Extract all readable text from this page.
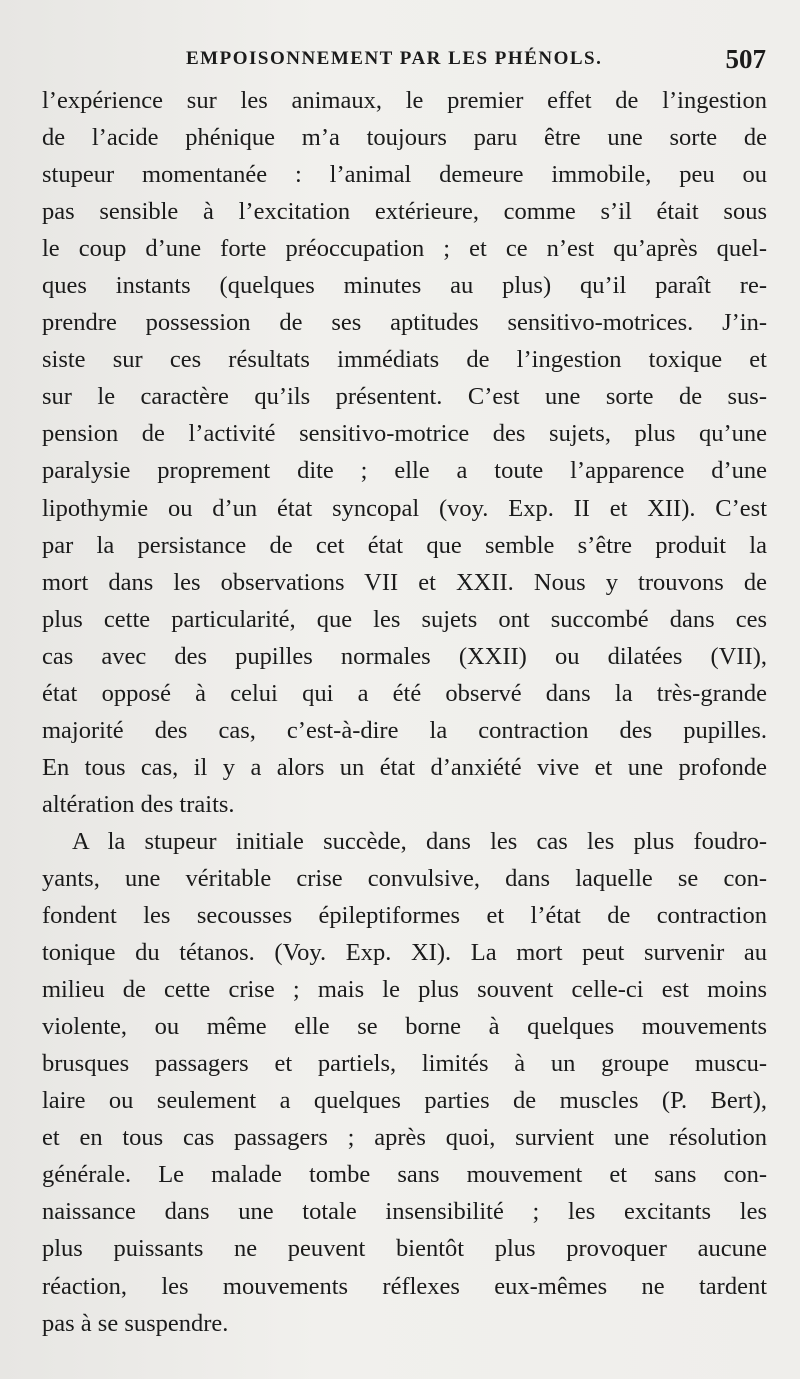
EMPOISONNEMENT PAR LES PHÉNOLS.	507
l’expérience sur les animaux, le premier effet de l’ingestion
de l’acide phénique m’a toujours paru être une sorte de
stupeur momentanée : l’animal demeure immobile, peu ou
pas sensible à l’excitation extérieure, comme s’il était sous
le coup d’une forte préoccupation ; et ce n’est qu’après quel-
ques instants (quelques minutes au plus) qu’il paraît re-
prendre possession de ses aptitudes sensitivo-motrices. J’in-
siste sur ces résultats immédiats de l’ingestion toxique et
sur le caractère qu’ils présentent. C’est une sorte de sus-
pension de l’activité sensitivo-motrice des sujets, plus qu’une
paralysie proprement dite ; elle a toute l’apparence d’une
lipothymie ou d’un état syncopal (voy. Exp. II et XII). C’est
par la persistance de cet état que semble s’être produit la
mort dans les observations VII et XXII. Nous y trouvons de
plus cette particularité, que les sujets ont succombé dans ces
cas avec des pupilles normales (XXII) ou dilatées (VII),
état opposé à celui qui a été observé dans la très-grande
majorité des cas, c’est-à-dire la contraction des pupilles.
En tous cas, il y a alors un état d’anxiété vive et une profonde
altération des traits.
A la stupeur initiale succède, dans les cas les plus foudro-
yants, une véritable crise convulsive, dans laquelle se con-
fondent les secousses épileptiformes et l’état de contraction
tonique du tétanos. (Voy. Exp. XI). La mort peut survenir au
milieu de cette crise ; mais le plus souvent celle-ci est moins
violente, ou même elle se borne à quelques mouvements
brusques passagers et partiels, limités à un groupe muscu-
laire ou seulement a quelques parties de muscles (P. Bert),
et en tous cas passagers ; après quoi, survient une résolution
générale. Le malade tombe sans mouvement et sans con-
naissance dans une totale insensibilité ; les excitants les
plus puissants ne peuvent bientôt plus provoquer aucune
réaction, les mouvements réflexes eux-mêmes ne tardent
pas à se suspendre.
